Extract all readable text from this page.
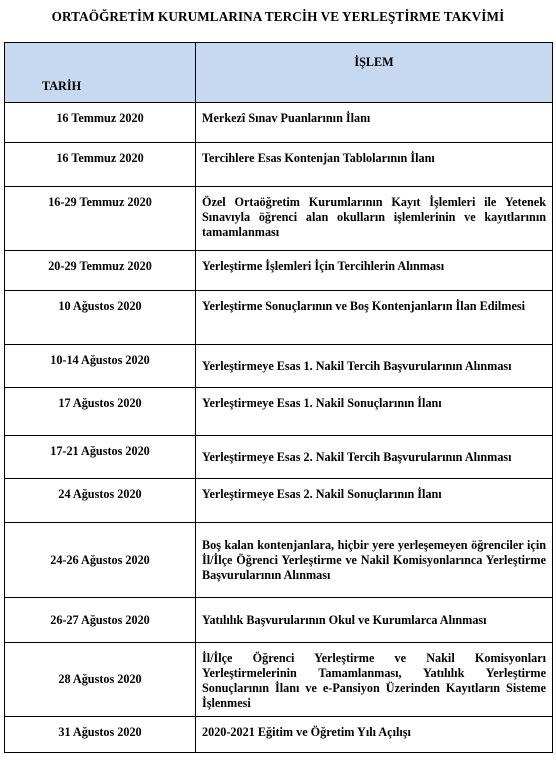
ORTAÖĞRETİM KURUMLARINA TERCİH VE YERLEŞTİRME TAKVİMİ
TARİH	İŞLEM
16 Temmuz 2020	Merkezî Sınav Puanlarının İlanı
16 Temmuz 2020	Tercihlere Esas Kontenjan Tablolarının İlanı
16-29 Temmuz 2020	Özel Ortaöğretim Kurumlarının Kayıt İşlemleri ile Yetenek Sınavıyla öğrenci alan okulların işlemlerinin ve kayıtlarının tamamlanması
20-29 Temmuz 2020	Yerleştirme İşlemleri İçin Tercihlerin Alınması
10 Ağustos 2020	Yerleştirme Sonuçlarının ve Boş Kontenjanların İlan Edilmesi
10-14 Ağustos 2020	Yerleştirmeye Esas 1. Nakil Tercih Başvurularının Alınması
17 Ağustos 2020	Yerleştirmeye Esas 1. Nakil Sonuçlarının İlanı
17-21 Ağustos 2020	Yerleştirmeye Esas 2. Nakil Tercih Başvurularının Alınması
24 Ağustos 2020	Yerleştirmeye Esas 2. Nakil Sonuçlarının İlanı
24-26 Ağustos 2020	Boş kalan kontenjanlara, hiçbir yere yerleşemeyen öğrenciler için İl/İlçe Öğrenci Yerleştirme ve Nakil Komisyonlarınca Yerleştirme Başvurularının Alınması
26-27 Ağustos 2020	Yatılılık Başvurularının Okul ve Kurumlarca Alınması
28 Ağustos 2020	İl/İlçe Öğrenci Yerleştirme ve Nakil Komisyonları Yerleştirmelerinin Tamamlanması, Yatılılık Yerleştirme Sonuçlarının İlanı ve e-Pansiyon Üzerinden Kayıtların Sisteme İşlenmesi
31 Ağustos 2020	2020-2021 Eğitim ve Öğretim Yılı Açılışı
